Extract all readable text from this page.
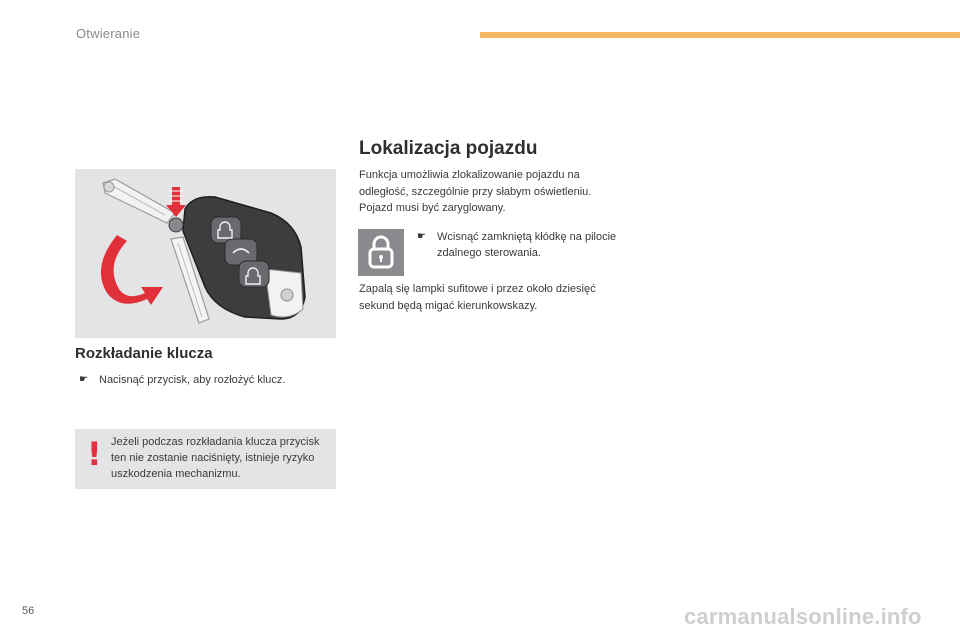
Otwieranie
Rozkładanie klucza
☛ Nacisnąć przycisk, aby rozłożyć klucz.
! Jeżeli podczas rozkładania klucza przycisk ten nie zostanie naciśnięty, istnieje ryzyko uszkodzenia mechanizmu.
Lokalizacja pojazdu
Funkcja umożliwia zlokalizowanie pojazdu na odległość, szczególnie przy słabym oświetleniu. Pojazd musi być zaryglowany.
☛ Wcisnąć zamkniętą kłódkę na pilocie zdalnego sterowania.
Zapalą się lampki sufitowe i przez około dziesięć sekund będą migać kierunkowskazy.
56	carmanualsonline.info
